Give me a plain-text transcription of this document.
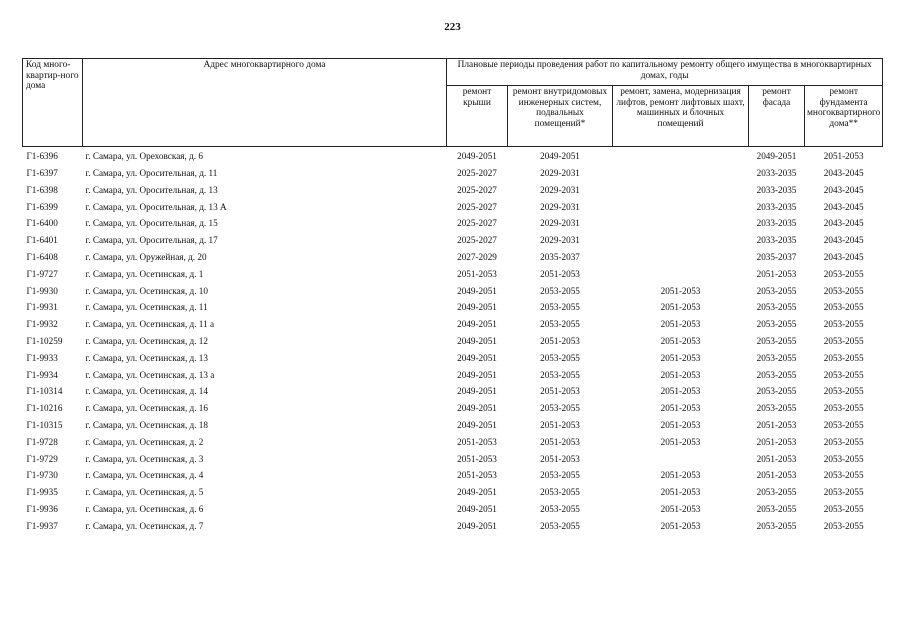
223
Код много-квартир-ного дома	Адрес многоквартирного дома	Плановые периоды проведения работ по капитальному ремонту общего имущества в многоквартирных домах, годы				
		ремонт крыши	ремонт внутридомовых инженерных систем, подвальных помещений*	ремонт, замена, модернизация лифтов, ремонт лифтовых шахт, машинных и блочных помещений	ремонт фасада	ремонт фундамента многоквартирного дома**
Г1-6396	г. Самара, ул. Ореховская, д. 6	2049-2051	2049-2051		2049-2051	2051-2053
Г1-6397	г. Самара, ул. Оросительная, д. 11	2025-2027	2029-2031		2033-2035	2043-2045
Г1-6398	г. Самара, ул. Оросительная, д. 13	2025-2027	2029-2031		2033-2035	2043-2045
Г1-6399	г. Самара, ул. Оросительная, д. 13 А	2025-2027	2029-2031		2033-2035	2043-2045
Г1-6400	г. Самара, ул. Оросительная, д. 15	2025-2027	2029-2031		2033-2035	2043-2045
Г1-6401	г. Самара, ул. Оросительная, д. 17	2025-2027	2029-2031		2033-2035	2043-2045
Г1-6408	г. Самара, ул. Оружейная, д. 20	2027-2029	2035-2037		2035-2037	2043-2045
Г1-9727	г. Самара, ул. Осетинская, д. 1	2051-2053	2051-2053		2051-2053	2053-2055
Г1-9930	г. Самара, ул. Осетинская, д. 10	2049-2051	2053-2055	2051-2053	2053-2055	2053-2055
Г1-9931	г. Самара, ул. Осетинская, д. 11	2049-2051	2053-2055	2051-2053	2053-2055	2053-2055
Г1-9932	г. Самара, ул. Осетинская, д. 11 а	2049-2051	2053-2055	2051-2053	2053-2055	2053-2055
Г1-10259	г. Самара, ул. Осетинская, д. 12	2049-2051	2051-2053	2051-2053	2053-2055	2053-2055
Г1-9933	г. Самара, ул. Осетинская, д. 13	2049-2051	2053-2055	2051-2053	2053-2055	2053-2055
Г1-9934	г. Самара, ул. Осетинская, д. 13 а	2049-2051	2053-2055	2051-2053	2053-2055	2053-2055
Г1-10314	г. Самара, ул. Осетинская, д. 14	2049-2051	2051-2053	2051-2053	2053-2055	2053-2055
Г1-10216	г. Самара, ул. Осетинская, д. 16	2049-2051	2053-2055	2051-2053	2053-2055	2053-2055
Г1-10315	г. Самара, ул. Осетинская, д. 18	2049-2051	2051-2053	2051-2053	2051-2053	2053-2055
Г1-9728	г. Самара, ул. Осетинская, д. 2	2051-2053	2051-2053	2051-2053	2051-2053	2053-2055
Г1-9729	г. Самара, ул. Осетинская, д. 3	2051-2053	2051-2053		2051-2053	2053-2055
Г1-9730	г. Самара, ул. Осетинская, д. 4	2051-2053	2053-2055	2051-2053	2051-2053	2053-2055
Г1-9935	г. Самара, ул. Осетинская, д. 5	2049-2051	2053-2055	2051-2053	2053-2055	2053-2055
Г1-9936	г. Самара, ул. Осетинская, д. 6	2049-2051	2053-2055	2051-2053	2053-2055	2053-2055
Г1-9937	г. Самара, ул. Осетинская, д. 7	2049-2051	2053-2055	2051-2053	2053-2055	2053-2055
